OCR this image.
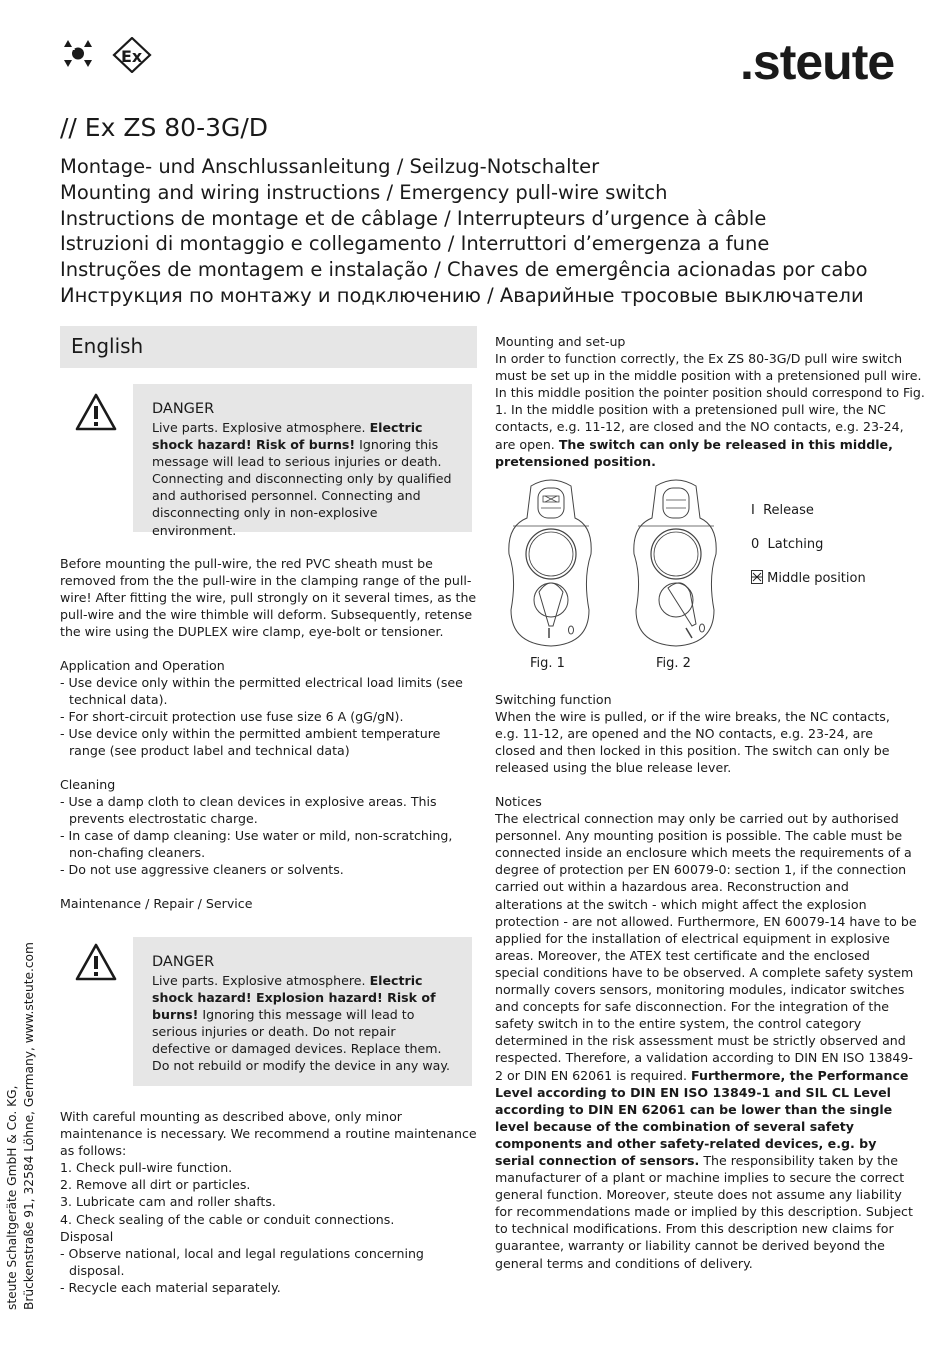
Ex	.steute
// Ex ZS 80-3G/D
Montage- und Anschlussanleitung / Seilzug-Notschalter
Mounting and wiring instructions / Emergency pull-wire switch
Instructions de montage et de câblage / Interrupteurs d’urgence à câble
Istruzioni di montaggio e collegamento / Interruttori d’emergenza a fune
Instruções de montagem e instalação / Chaves de emergência acionadas por cabo
Инструкция по монтажу и подключению / Аварийные тросовые выключатели
English
DANGER

Live parts. Explosive atmosphere. Electric shock hazard! Risk of burns! Ignoring this message will lead to serious injuries or death. Connecting and disconnecting only by qualified and authorised personnel. Connecting and disconnecting only in non-explosive environment.

Before mounting the pull-wire, the red PVC sheath must be removed from the the pull-wire in the clamping range of the pull-wire! After fitting the wire, pull strongly on it several times, as the pull-wire and the wire thimble will deform. Subsequently, retense the wire using the DUPLEX wire clamp, eye-bolt or tensioner.

Application and Operation

- Use device only within the permitted electrical load limits (see technical data).
- For short-circuit protection use fuse size 6 A (gG/gN).
- Use device only within the permitted ambient temperature range (see product label and technical data)

Cleaning

- Use a damp cloth to clean devices in explosive areas. This prevents electrostatic charge.
- In case of damp cleaning: Use water or mild, non-scratching, non-chafing cleaners.
- Do not use aggressive cleaners or solvents.

Maintenance / Repair / Service

DANGER

Live parts. Explosive atmosphere. Electric shock hazard! Explosion hazard! Risk of burns! Ignoring this message will lead to serious injuries or death. Do not repair defective or damaged devices. Replace them. Do not rebuild or modify the device in any way.

With careful mounting as described above, only minor maintenance is necessary. We recommend a routine maintenance as follows:

1. Check pull-wire function.
2. Remove all dirt or particles.
3. Lubricate cam and roller shafts.
4. Check sealing of the cable or conduit connections.

Disposal

- Observe national, local and legal regulations concerning disposal.
- Recycle each material separately.

Mounting and set-up

In order to function correctly, the Ex ZS 80-3G/D pull wire switch must be set up in the middle position with a pretensioned pull wire. In this middle position the pointer position should correspond to Fig. 1. In the middle position with a pretensioned pull wire, the NC contacts, e.g. 11-12, are closed and the NO contacts, e.g. 23-24, are open. The switch can only be released in this middle, pretensioned position.

Fig. 1	Fig. 2
I Release
0 Latching
Middle position

Switching function

When the wire is pulled, or if the wire breaks, the NC contacts, e.g. 11-12, are opened and the NO contacts, e.g. 23-24, are closed and then locked in this position. The switch can only be released using the blue release lever.

Notices

The electrical connection may only be carried out by authorised personnel. Any mounting position is possible. The cable must be connected inside an enclosure which meets the requirements of a degree of protection per EN 60079-0: section 1, if the connection carried out within a hazardous area. Reconstruction and alterations at the switch - which might affect the explosion protection - are not allowed. Furthermore, EN 60079-14 have to be applied for the installation of electrical equipment in explosive areas. Moreover, the ATEX test certificate and the enclosed special conditions have to be observed. A complete safety system normally covers sensors, monitoring modules, indicator switches and concepts for safe disconnection. For the integration of the safety switch in to the entire system, the control category determined in the risk assessment must be strictly observed and respected. Therefore, a validation according to DIN EN ISO 13849-2 or DIN EN 62061 is required. Furthermore, the Performance Level according to DIN EN ISO 13849-1 and SIL CL Level according to DIN EN 62061 can be lower than the single level because of the combination of several safety components and other safety-related devices, e.g. by serial connection of sensors. The responsibility taken by the manufacturer of a plant or machine implies to secure the correct general function. Moreover, steute does not assume any liability for recommendations made or implied by this description. Subject to technical modifications. From this description new claims for guarantee, warranty or liability cannot be derived beyond the general terms and conditions of delivery.

steute Schaltgeräte GmbH & Co. KG, Brückenstraße 91, 32584 Löhne, Germany, www.steute.com
